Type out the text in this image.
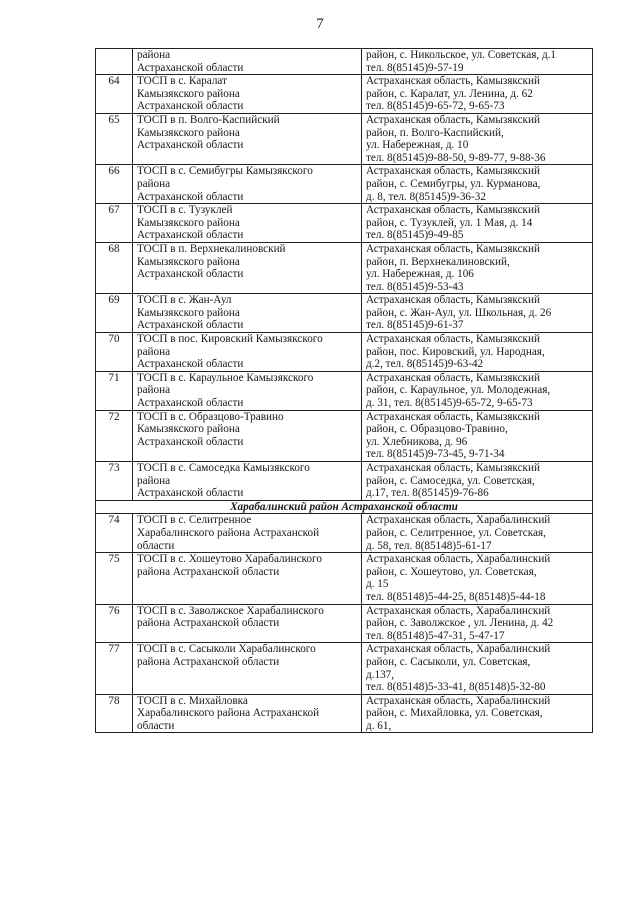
7

	района
Астраханской области	район, с. Никольское, ул. Советская, д.1
тел. 8(85145)9-57-19

64	ТОСП в с. Каралат
Камызякского района
Астраханской области	Астраханская область, Камызякский
район, с. Каралат, ул. Ленина, д. 62
тел. 8(85145)9-65-72, 9-65-73

65	ТОСП в п. Волго-Каспийский
Камызякского района
Астраханской области	Астраханская область, Камызякский
район, п. Волго-Каспийский,
ул. Набережная, д. 10
тел. 8(85145)9-88-50, 9-89-77, 9-88-36

66	ТОСП в с. Семибугры Камызякского
района
Астраханской области	Астраханская область, Камызякский
район, с. Семибугры, ул. Курманова,
д. 8, тел. 8(85145)9-36-32

67	ТОСП в с. Тузуклей
Камызякского района
Астраханской области	Астраханская область, Камызякский
район, с. Тузуклей, ул. 1 Мая, д. 14
тел. 8(85145)9-49-85

68	ТОСП в п. Верхнекалиновский
Камызякского района
Астраханской области	Астраханская область, Камызякский
район, п. Верхнекалиновский,
ул. Набережная, д. 106
тел. 8(85145)9-53-43

69	ТОСП в с. Жан-Аул
Камызякского района
Астраханской области	Астраханская область, Камызякский
район, с. Жан-Аул, ул. Школьная, д. 26
тел. 8(85145)9-61-37

70	ТОСП в пос. Кировский Камызякского
района
Астраханской области	Астраханская область, Камызякский
район, пос. Кировский, ул. Народная,
д.2, тел. 8(85145)9-63-42

71	ТОСП в с. Караульное Камызякского
района
Астраханской области	Астраханская область, Камызякский
район, с. Караульное, ул. Молодежная,
д. 31, тел. 8(85145)9-65-72, 9-65-73

72	ТОСП в с. Образцово-Травино
Камызякского района
Астраханской области	Астраханская область, Камызякский
район, с. Образцово-Травино,
ул. Хлебникова, д. 96
тел. 8(85145)9-73-45, 9-71-34

73	ТОСП в с. Самоседка Камызякского
района
Астраханской области	Астраханская область, Камызякский
район, с. Самоседка, ул. Советская,
д.17, тел. 8(85145)9-76-86

Харабалинский район Астраханской области		
74	ТОСП в с. Селитренное
Харабалинского района Астраханской
области	Астраханская область, Харабалинский
район, с. Селитренное, ул. Советская,
д. 58, тел. 8(85148)5-61-17

75	ТОСП в с. Хошеутово Харабалинского
района Астраханской области	Астраханская область, Харабалинский
район, с. Хошеутово, ул. Советская,
д. 15
тел. 8(85148)5-44-25, 8(85148)5-44-18

76	ТОСП в с. Заволжское Харабалинского
района Астраханской области	Астраханская область, Харабалинский
район, с. Заволжское , ул. Ленина, д. 42
тел. 8(85148)5-47-31, 5-47-17

77	ТОСП в с. Сасыколи Харабалинского
района Астраханской области	Астраханская область, Харабалинский
район, с. Сасыколи, ул. Советская,
д.137,
тел. 8(85148)5-33-41, 8(85148)5-32-80

78	ТОСП в с. Михайловка
Харабалинского района Астраханской
области	Астраханская область, Харабалинский
район, с. Михайловка, ул. Советская,
д. 61,
